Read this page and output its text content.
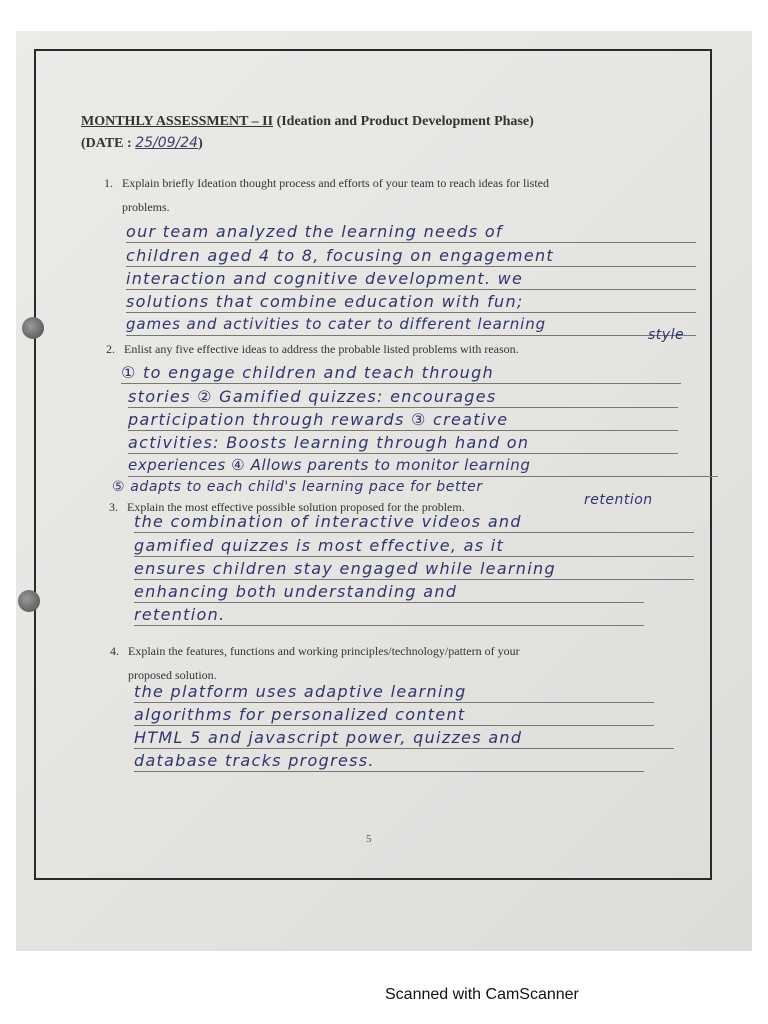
MONTHLY ASSESSMENT – II (Ideation and Product Development Phase)
(DATE : 25/09/24)
1. Explain briefly Ideation thought process and efforts of your team to reach ideas for listed
problems.
our team analyzed the learning needs of
children aged 4 to 8, focusing on engagement
interaction and cognitive development. we
solutions that combine education with fun;
games and activities to cater to different learning
style
2. Enlist any five effective ideas to address the probable listed problems with reason.
① to engage children and teach through
stories ② Gamified quizzes: encourages
participation through rewards ③ creative
activities: Boosts learning through hand on
experiences ④ Allows parents to monitor learning
⑤ adapts to each child's learning pace for better
retention
3. Explain the most effective possible solution proposed for the problem.
the combination of interactive videos and
gamified quizzes is most effective, as it
ensures children stay engaged while learning
enhancing both understanding and
retention.
4. Explain the features, functions and working principles/technology/pattern of your
proposed solution.
the platform uses adaptive learning
algorithms for personalized content
HTML 5 and javascript power, quizzes and
database tracks progress.
5
Scanned with CamScanner
